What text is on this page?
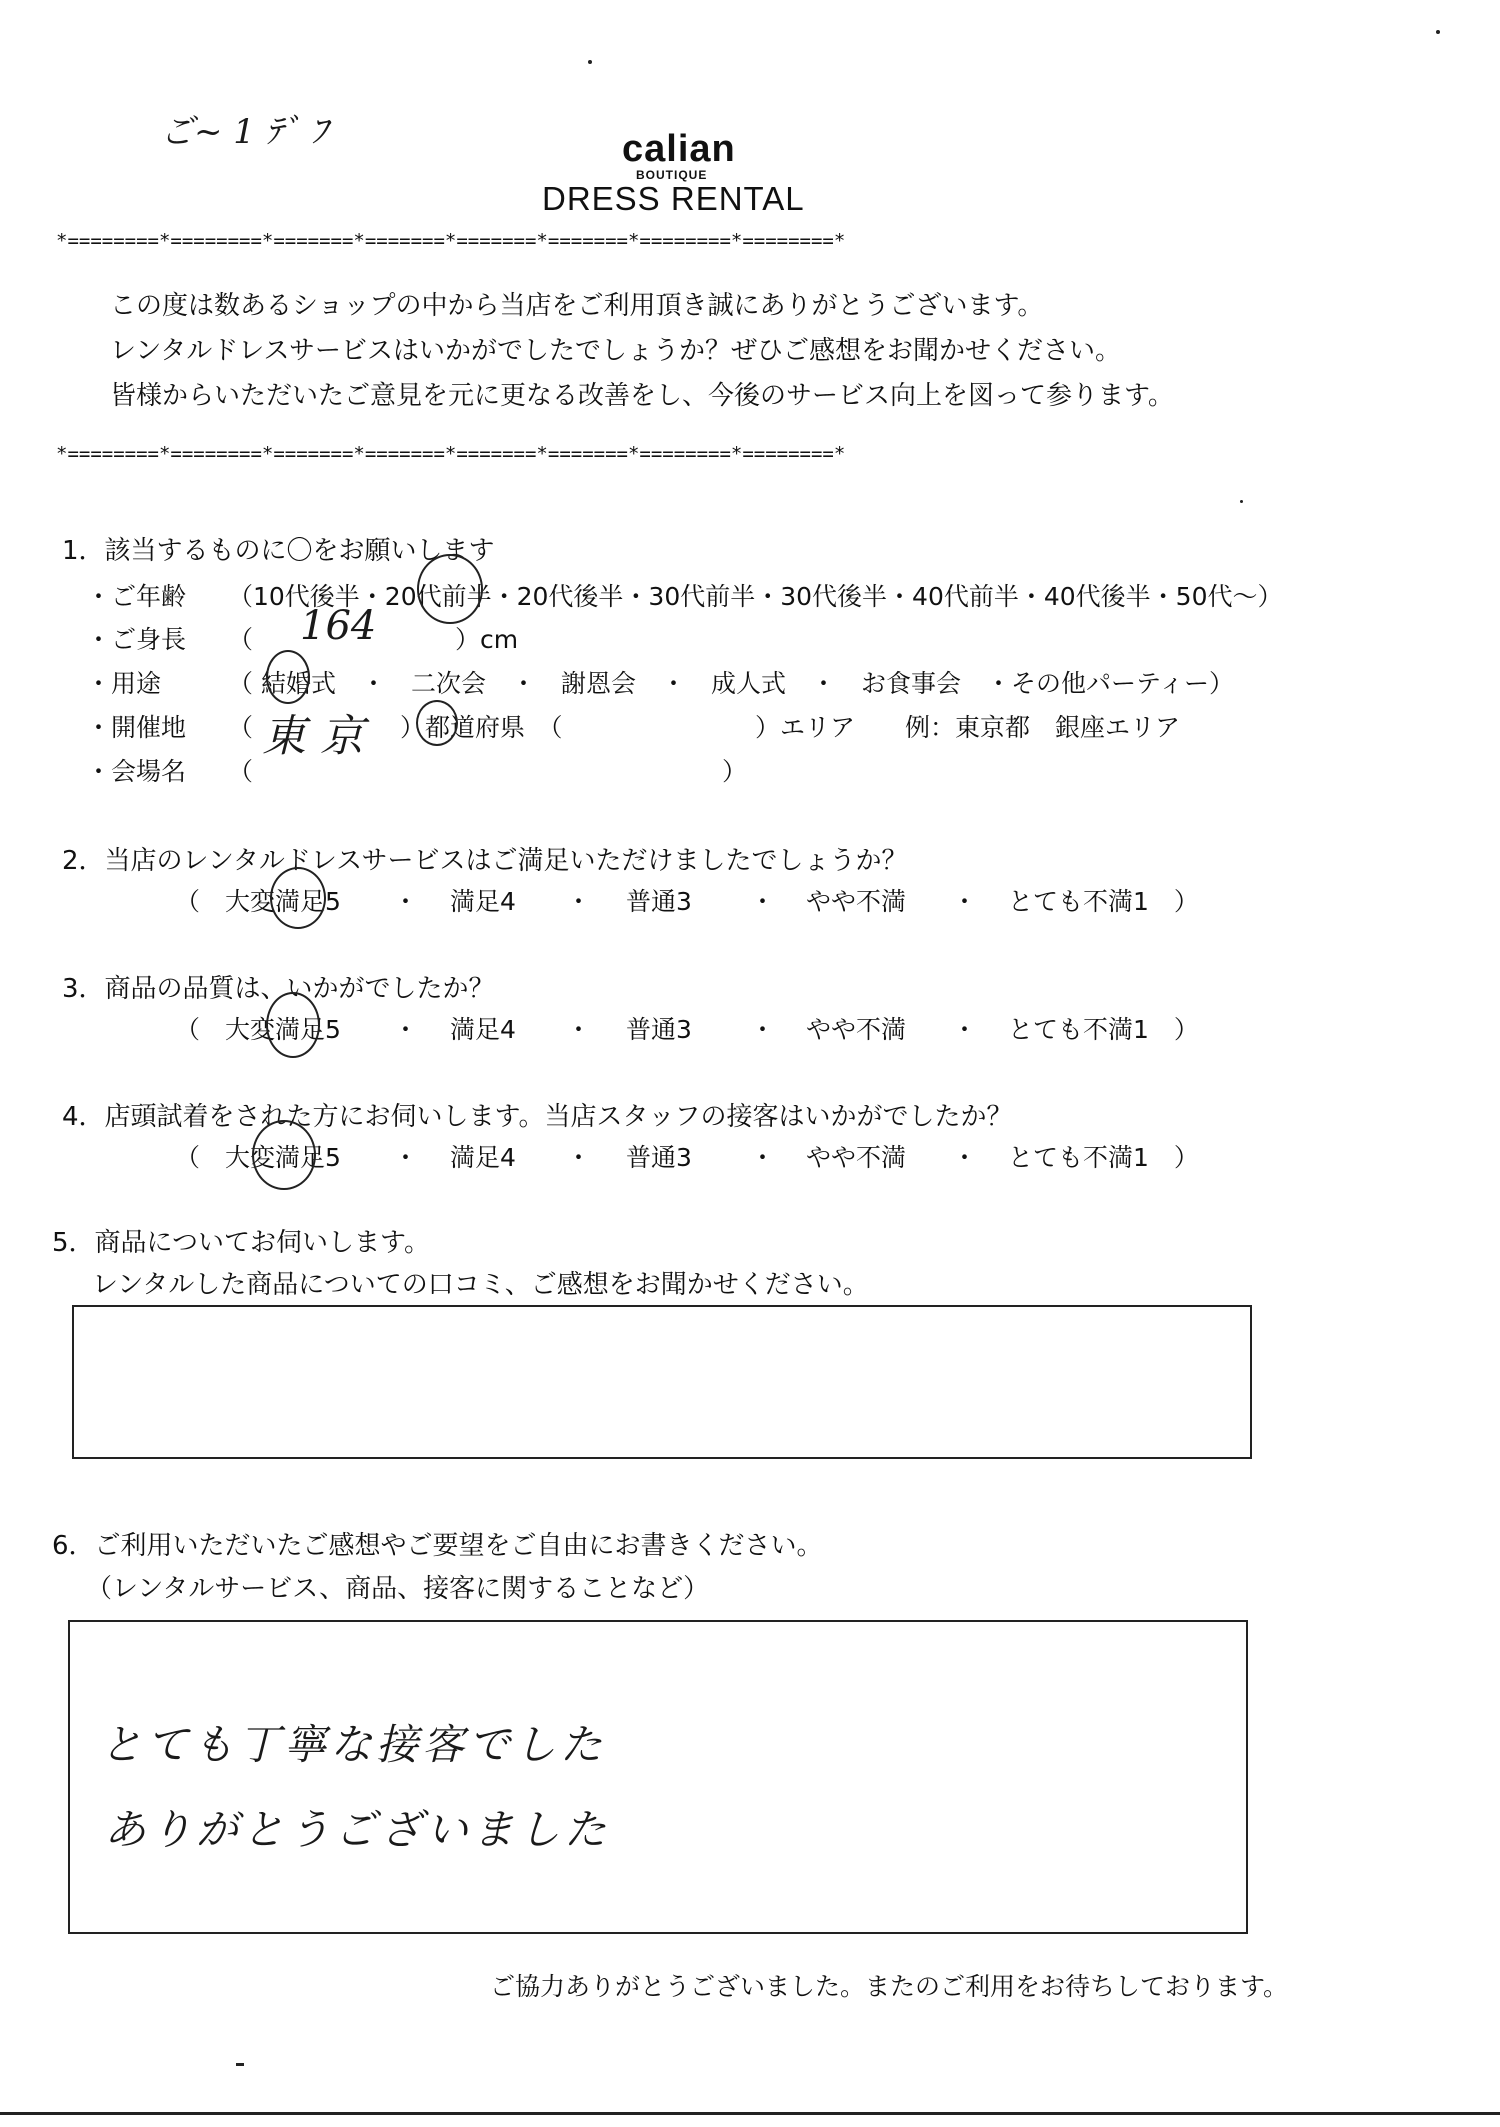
ご~ 1 ﾃﾞ ﾌ	calian
BOUTIQUE
DRESS RENTAL
*========*========*=======*=======*=======*=======*========*========*
この度は数あるショップの中から当店をご利用頂き誠にありがとうございます。
レンタルドレスサービスはいかがでしたでしょうか？ぜひご感想をお聞かせください。
皆様からいただいたご意見を元に更なる改善をし、今後のサービス向上を図って参ります。
*========*========*=======*=======*=======*=======*========*========*
1．該当するものに〇をお願いします
・ご年齢 （10代後半・20代前半・20代後半・30代前半・30代後半・40代前半・40代後半・50代～）
・ご身長 （ 164	）cm
・用途	（ 結婚式　・　二次会　・　謝恩会　・　成人式　・　お食事会　・その他パーティー）
・開催地 （ 東京 ）都道府県　（	）エリア　　例：東京都　銀座エリア
・会場名 （	）
2．当店のレンタルドレスサービスはご満足いただけましたでしょうか？
（　大変満足5 ・ 満足4 ・ 普通3 ・ やや不満 ・ とても不満1　）
3．商品の品質は、いかがでしたか？
（　大変満足5 ・ 満足4 ・ 普通3 ・ やや不満 ・ とても不満1　）
4．店頭試着をされた方にお伺いします。当店スタッフの接客はいかがでしたか？
（　大変満足5 ・ 満足4 ・ 普通3 ・ やや不満 ・ とても不満1　）
5．商品についてお伺いします。
レンタルした商品についての口コミ、ご感想をお聞かせください。
6．ご利用いただいたご感想やご要望をご自由にお書きください。
（レンタルサービス、商品、接客に関することなど）
とても丁寧な接客でした
ありがとうございました
ご協力ありがとうございました。またのご利用をお待ちしております。
